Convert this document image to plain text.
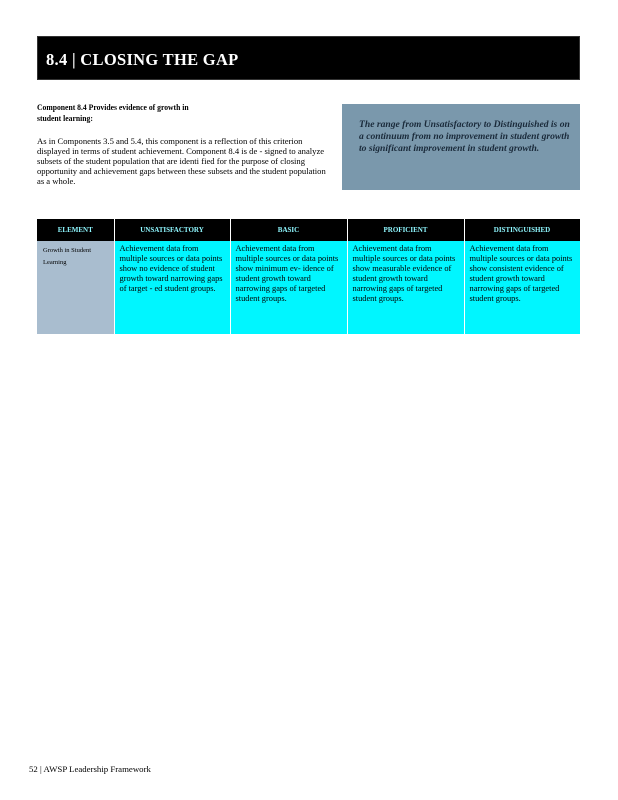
8.4 | CLOSING THE GAP
Component 8.4 Provides evidence of growth in student learning:
As in Components 3.5 and 5.4, this component is a reflection of this criterion displayed in terms of student achievement. Component 8.4 is de - signed to analyze subsets of the student population that are identi fied for the purpose of closing opportunity and achievement gaps between these subsets and the student population as a whole.
The range from Unsatisfactory to Distinguished is on a continuum from no improvement in student growth to significant improvement in student growth.
ELEMENT	UNSATISFACTORY	BASIC	PROFICIENT	DISTINGUISHED
Growth in Student Learning	Achievement data from multiple sources or data points show no evidence of student growth toward narrowing gaps of target - ed student groups.	Achievement data from multiple sources or data points show minimum ev- idence of student growth toward narrowing gaps of targeted student groups.	Achievement data from multiple sources or data points show measurable evidence of student growth toward narrowing gaps of targeted student groups.	Achievement data from multiple sources or data points show consistent evidence of student growth toward narrowing gaps of targeted student groups.
52 | AWSP Leadership Framework
